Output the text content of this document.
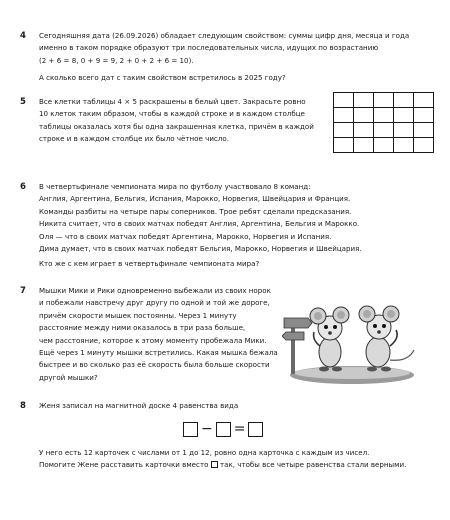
4 Сегодняшняя дата (26.09.2026) обладает следующим свойством: суммы цифр дня, месяца и года

именно в таком порядке образуют три последовательных числа, идущих по возрастанию

(2 + 6 = 8, 0 + 9 = 9, 2 + 0 + 2 + 6 = 10).

А сколько всего дат с таким свойством встретилось в 2025 году?

5 Все клетки таблицы 4 × 5 раскрашены в белый цвет. Закрасьте ровно

10 клеток таким образом, чтобы в каждой строке и в каждом столбце

таблицы оказалась хотя бы одна закрашенная клетка, причём в каждой

строке и в каждом столбце их было чётное число.

6 В четвертьфинале чемпионата мира по футболу участвовало 8 команд:

Англия, Аргентина, Бельгия, Испания, Марокко, Норвегия, Швейцария и Франция.

Команды разбиты на четыре пары соперников. Трое ребят сделали предсказания.

Никита считает, что в своих матчах победят Англия, Аргентина, Бельгия и Марокко.

Оля — что в своих матчах победят Аргентина, Марокко, Норвегия и Испания.

Дима думает, что в своих матчах победят Бельгия, Марокко, Норвегия и Швейцария.

Кто же с кем играет в четвертьфинале чемпионата мира?

7 Мышки Мики и Рики одновременно выбежали из своих норок

и побежали навстречу друг другу по одной и той же дороге,

причём скорости мышек постоянны. Через 1 минуту

расстояние между ними оказалось в три раза больше,

чем расстояние, которое к этому моменту пробежала Мики.

Ещё через 1 минуту мышки встретились. Какая мышка бежала

быстрее и во сколько раз её скорость была больше скорости

другой мышки?

8 Женя записал на магнитной доске 4 равенства вида

− =

У него есть 12 карточек с числами от 1 до 12, ровно одна карточка с каждым из чисел.

Помогите Жене расставить карточки вместо так, чтобы все четыре равенства стали верными.
